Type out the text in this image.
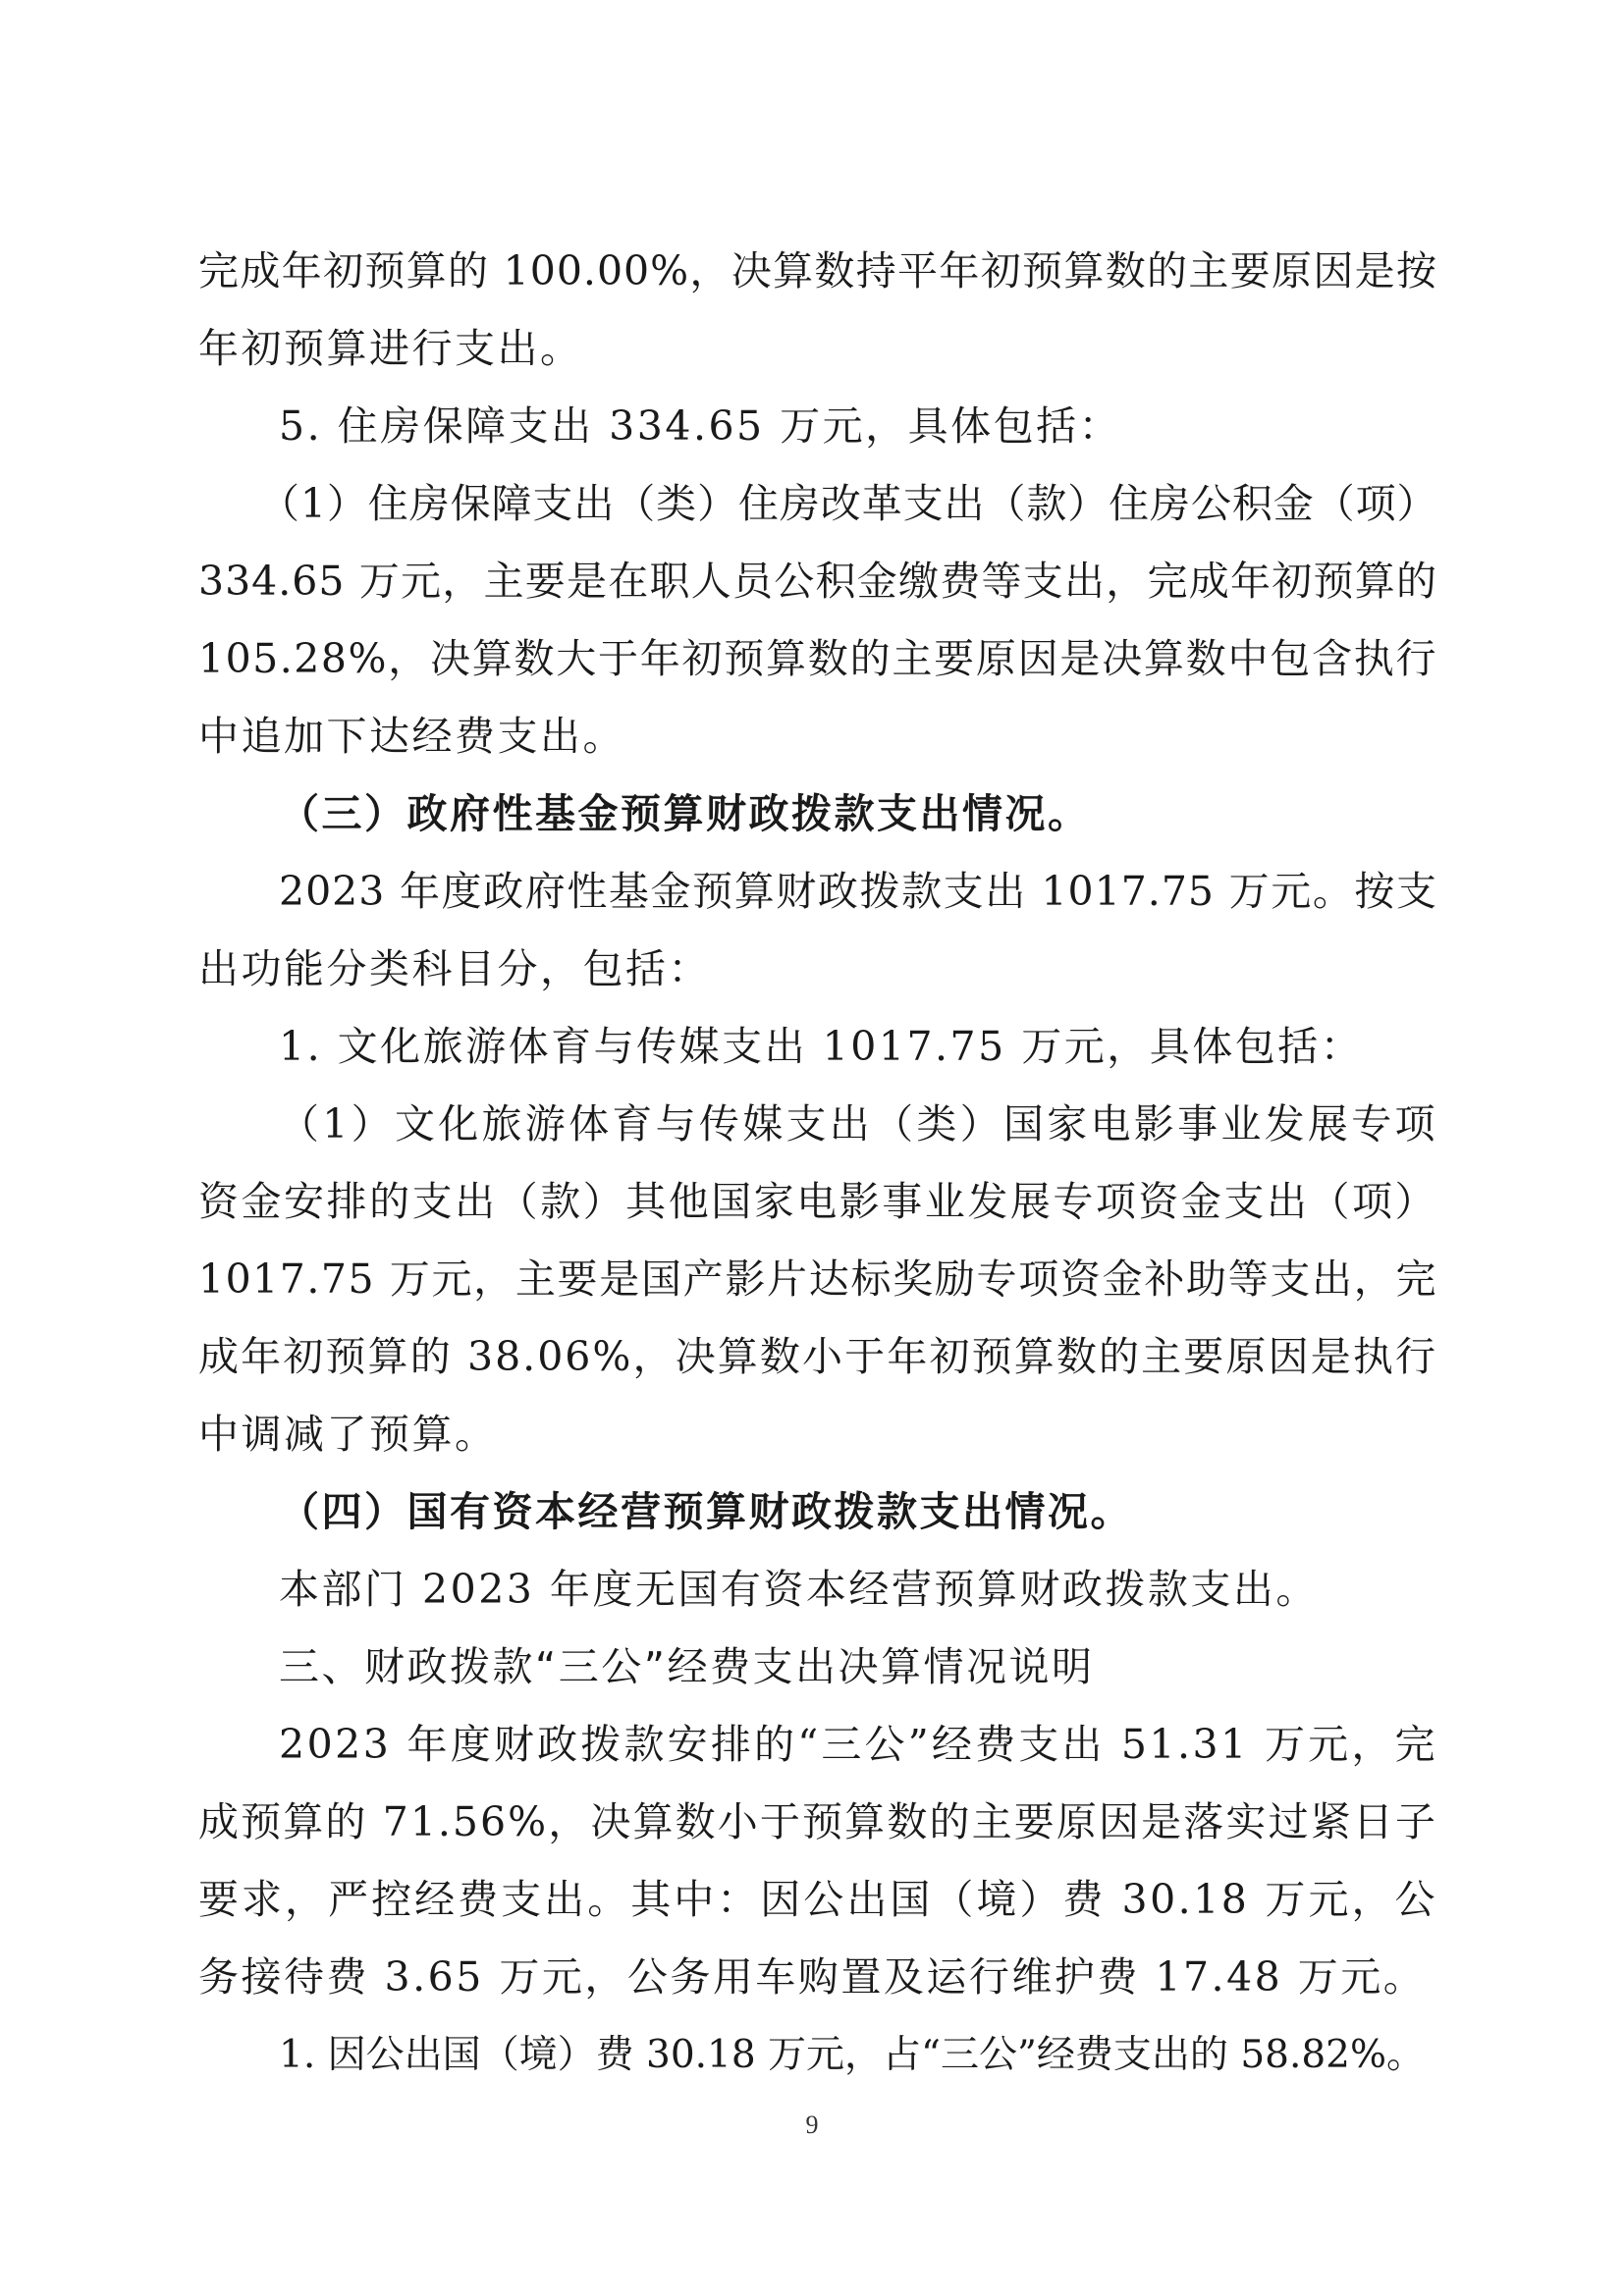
完成年初预算的 100.00%，决算数持平年初预算数的主要原因是按
年初预算进行支出。
5. 住房保障支出 334.65 万元，具体包括：
（1）住房保障支出（类）住房改革支出（款）住房公积金（项）
334.65 万元，主要是在职人员公积金缴费等支出，完成年初预算的
105.28%，决算数大于年初预算数的主要原因是决算数中包含执行
中追加下达经费支出。
（三）政府性基金预算财政拨款支出情况。
2023 年度政府性基金预算财政拨款支出 1017.75 万元。按支
出功能分类科目分，包括：
1. 文化旅游体育与传媒支出 1017.75 万元，具体包括：
（1）文化旅游体育与传媒支出（类）国家电影事业发展专项
资金安排的支出（款）其他国家电影事业发展专项资金支出（项）
1017.75 万元，主要是国产影片达标奖励专项资金补助等支出，完
成年初预算的 38.06%，决算数小于年初预算数的主要原因是执行
中调减了预算。
（四）国有资本经营预算财政拨款支出情况。
本部门 2023 年度无国有资本经营预算财政拨款支出。
三、财政拨款“三公”经费支出决算情况说明
2023 年度财政拨款安排的“三公”经费支出 51.31 万元，完
成预算的 71.56%，决算数小于预算数的主要原因是落实过紧日子
要求，严控经费支出。其中：因公出国（境）费 30.18 万元，公
务接待费 3.65 万元，公务用车购置及运行维护费 17.48 万元。
1. 因公出国（境）费 30.18 万元，占“三公”经费支出的 58.82%。
9
